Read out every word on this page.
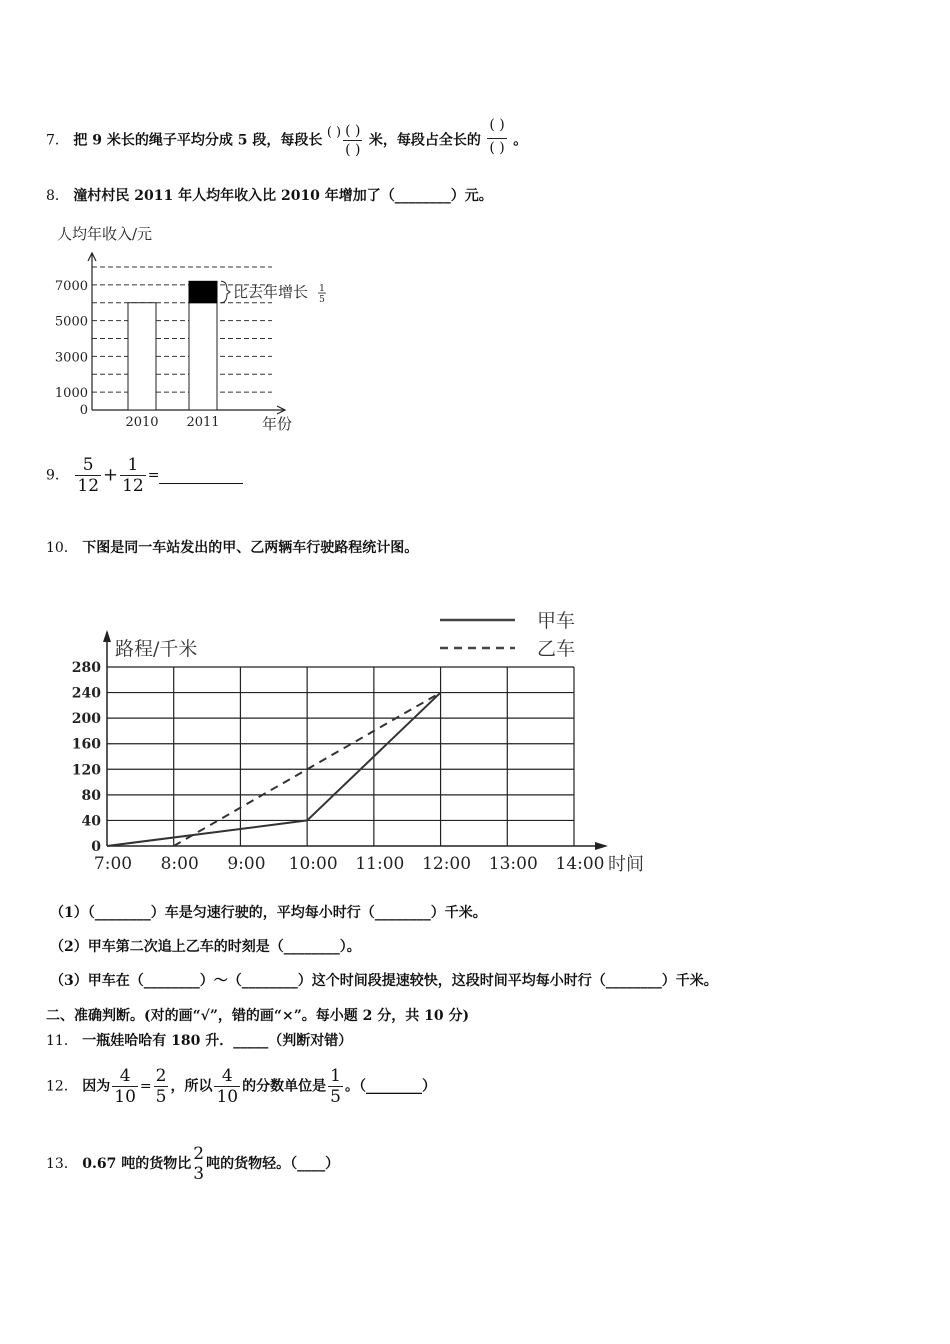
7． 把 9 米长的绳子平均分成 5 段，每段长 ( ) $\frac{( )}{( )}$ 米，每段占全长的 $\frac{( )}{( )}$ 。
8． 潼村村民 2011 年人均年收入比 2010 年增加了（________）元。
人均年收入/元
年份
1000
3000
5000
7000
0
2010 2011
比去年增长 1
5
9． $\frac{5}{12} + \frac{1}{12}$ =
10． 下图是同一车站发出的甲、乙两辆车行驶路程统计图。
甲车
乙车
路程/千米
0
40
80
120
160
200
240
280
7:00 8:00 9:00 10:00 11:00 12:00 13:00 14:00 时间
（1）（________）车是匀速行驶的，平均每小时行（________）千米。
（2）甲车第二次追上乙车的时刻是（________）。
（3）甲车在（________）～（________）这个时间段提速较快，这段时间平均每小时行（________）千米。
二、准确判断。(对的画“√”，错的画“×”。每小题 2 分，共 10 分)
11． 一瓶娃哈哈有 180 升．_____（判断对错）
12． 因为 $\frac{4}{10} = \frac{2}{5}$ ，所以 $\frac{4}{10}$ 的分数单位是 $\frac{1}{5}$ 。（________）
13． 0.67 吨的货物比 2
3 吨的货物轻。（____）
